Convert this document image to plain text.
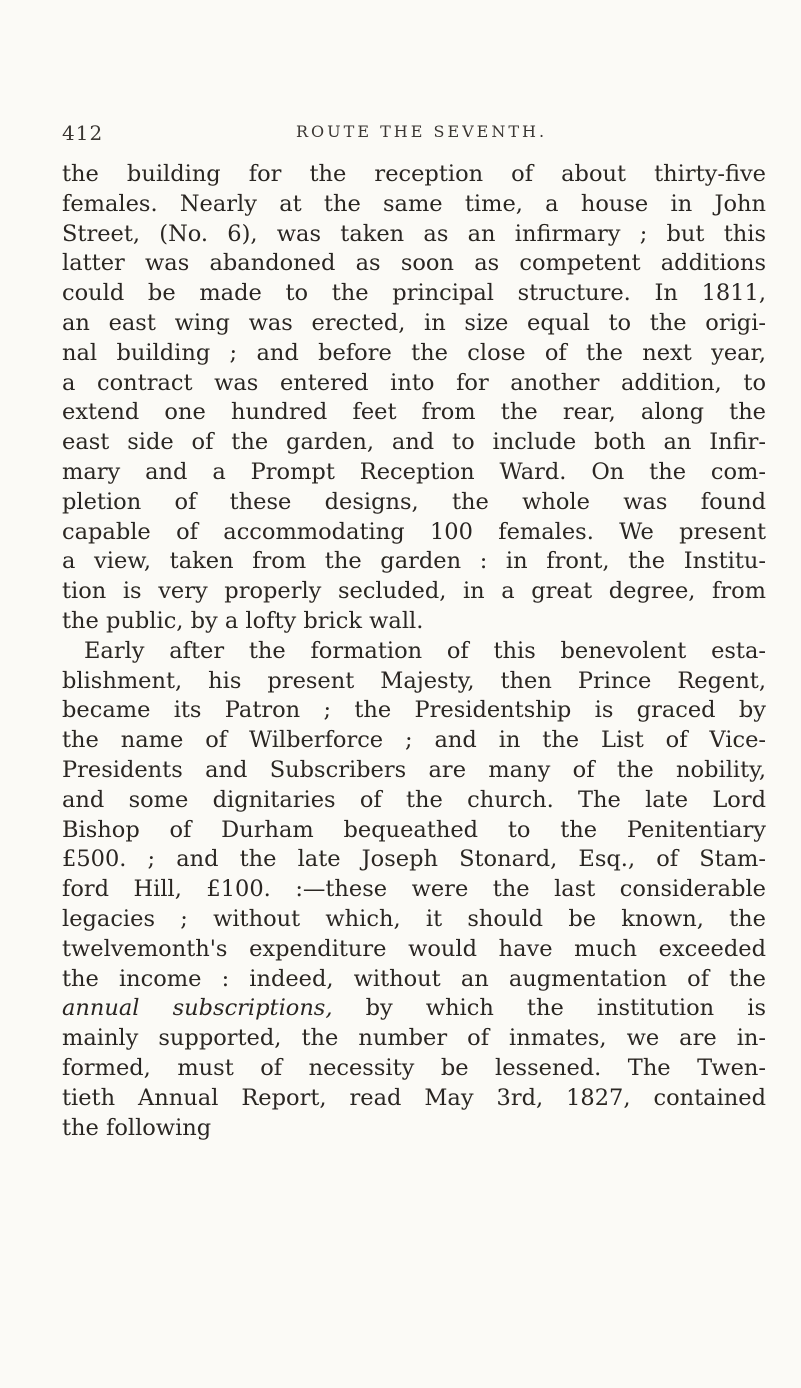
412	ROUTE THE SEVENTH.
the building for the reception of about thirty-five
females. Nearly at the same time, a house in John
Street, (No. 6), was taken as an infirmary ; but this
latter was abandoned as soon as competent additions
could be made to the principal structure. In 1811,
an east wing was erected, in size equal to the origi-
nal building ; and before the close of the next year,
a contract was entered into for another addition, to
extend one hundred feet from the rear, along the
east side of the garden, and to include both an Infir-
mary and a Prompt Reception Ward. On the com-
pletion of these designs, the whole was found
capable of accommodating 100 females. We present
a view, taken from the garden : in front, the Institu-
tion is very properly secluded, in a great degree, from
the public, by a lofty brick wall.
Early after the formation of this benevolent esta-
blishment, his present Majesty, then Prince Regent,
became its Patron ; the Presidentship is graced by
the name of Wilberforce ; and in the List of Vice-
Presidents and Subscribers are many of the nobility,
and some dignitaries of the church. The late Lord
Bishop of Durham bequeathed to the Penitentiary
£500. ; and the late Joseph Stonard, Esq., of Stam-
ford Hill, £100. :—these were the last considerable
legacies ; without which, it should be known, the
twelvemonth's expenditure would have much exceeded
the income : indeed, without an augmentation of the
annual subscriptions, by which the institution is
mainly supported, the number of inmates, we are in-
formed, must of necessity be lessened. The Twen-
tieth Annual Report, read May 3rd, 1827, contained
the following
